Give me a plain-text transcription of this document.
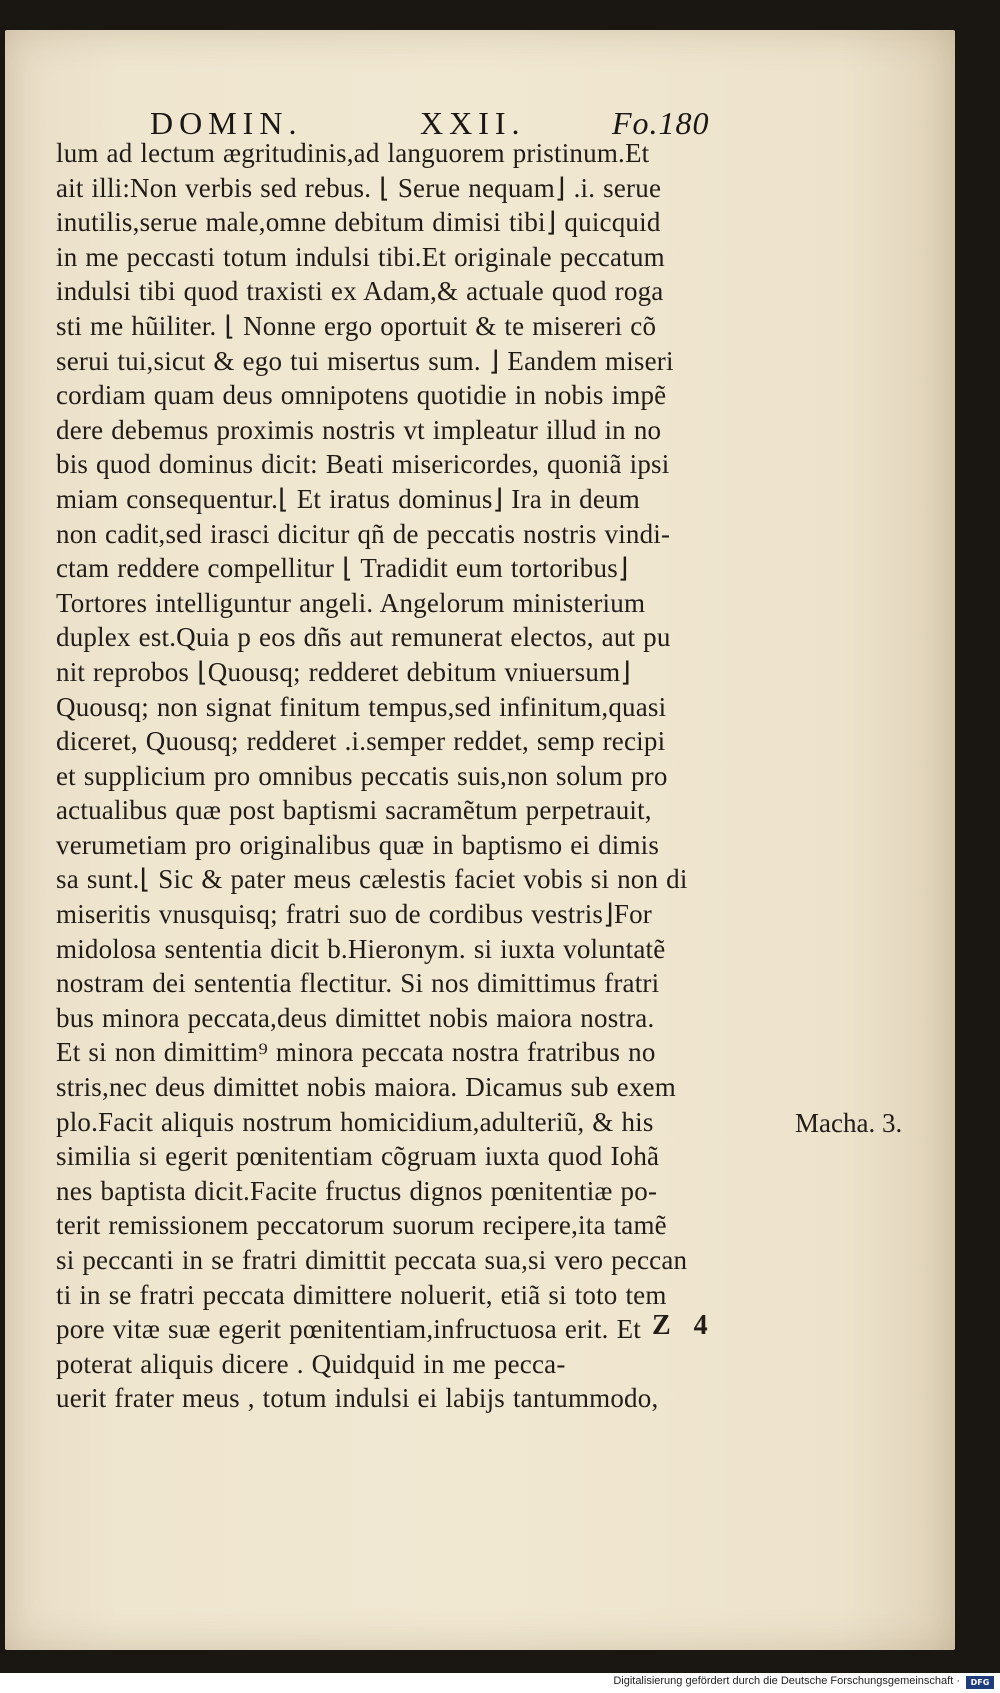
DOMIN.	XXII.	Fo.180
lum ad lectum ægritudinis,ad languorem pristinum.Et
ait illi:Non verbis sed rebus. ⌊ Serue nequam⌋ .i. serue
inutilis,serue male,omne debitum dimisi tibi⌋ quicquid
in me peccasti totum indulsi tibi.Et originale peccatum
indulsi tibi quod traxisti ex Adam,& actuale quod roga
sti me hũiliter. ⌊ Nonne ergo oportuit & te misereri cõ
serui tui,sicut & ego tui misertus sum. ⌋ Eandem miseri
cordiam quam deus omnipotens quotidie in nobis impẽ
dere debemus proximis nostris vt impleatur illud in no
bis quod dominus dicit: Beati misericordes, quoniã ipsi
miam consequentur.⌊ Et iratus dominus⌋ Ira in deum
non cadit,sed irasci dicitur qñ de peccatis nostris vindi-
ctam reddere compellitur ⌊ Tradidit eum tortoribus⌋
Tortores intelliguntur angeli. Angelorum ministerium
duplex est.Quia p eos dñs aut remunerat electos, aut pu
nit reprobos ⌊Quousq; redderet debitum vniuersum⌋
Quousq; non signat finitum tempus,sed infinitum,quasi
diceret, Quousq; redderet .i.semper reddet, semp recipi
et supplicium pro omnibus peccatis suis,non solum pro
actualibus quæ post baptismi sacramẽtum perpetrauit,
verumetiam pro originalibus quæ in baptismo ei dimis
sa sunt.⌊ Sic & pater meus cælestis faciet vobis si non di
miseritis vnusquisq; fratri suo de cordibus vestris⌋For
midolosa sententia dicit b.Hieronym. si iuxta voluntatẽ
nostram dei sententia flectitur. Si nos dimittimus fratri
bus minora peccata,deus dimittet nobis maiora nostra.
Et si non dimittim⁹ minora peccata nostra fratribus no
stris,nec deus dimittet nobis maiora. Dicamus sub exem
plo.Facit aliquis nostrum homicidium,adulteriũ, & his
similia si egerit pœnitentiam cõgruam iuxta quod Iohã
nes baptista dicit.Facite fructus dignos pœnitentiæ po-
terit remissionem peccatorum suorum recipere,ita tamẽ
si peccanti in se fratri dimittit peccata sua,si vero peccan
ti in se fratri peccata dimittere noluerit, etiã si toto tem
pore vitæ suæ egerit pœnitentiam,infructuosa erit. Et
poterat aliquis dicere . Quidquid in me pecca-
uerit frater meus , totum indulsi ei labijs tantummodo,
Macha. 3.
Z 4
Digitalisierung gefördert durch die Deutsche Forschungsgemeinschaft ·	DFG
